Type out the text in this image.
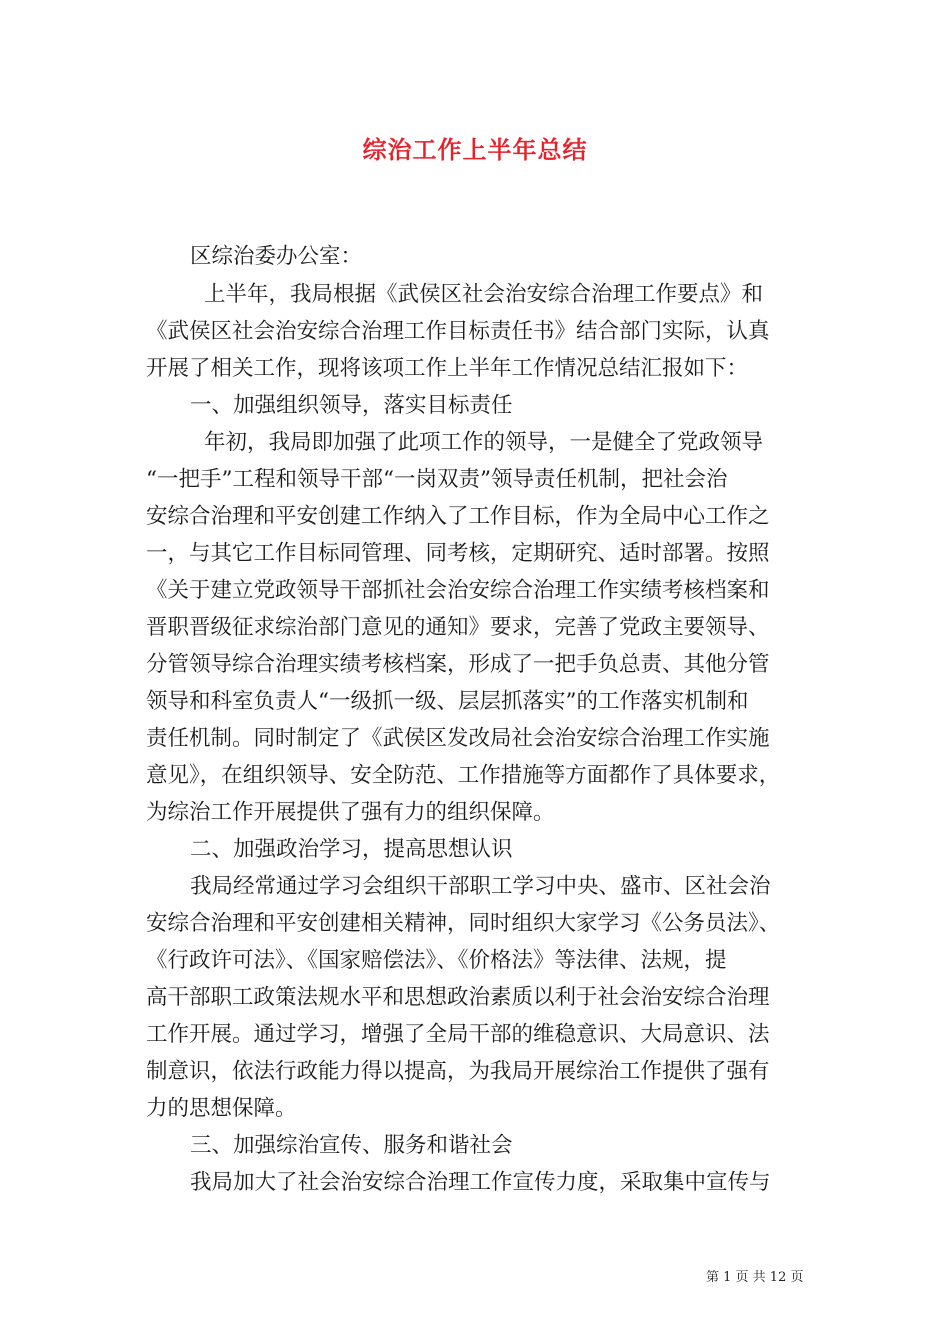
综治工作上半年总结

区综治委办公室：

上半年，我局根据《武侯区社会治安综合治理工作要点》和

《武侯区社会治安综合治理工作目标责任书》结合部门实际，认真

开展了相关工作，现将该项工作上半年工作情况总结汇报如下：

一、加强组织领导，落实目标责任

年初，我局即加强了此项工作的领导，一是健全了党政领导

“一把手”工程和领导干部“一岗双责”领导责任机制，把社会治

安综合治理和平安创建工作纳入了工作目标，作为全局中心工作之

一，与其它工作目标同管理、同考核，定期研究、适时部署。按照

《关于建立党政领导干部抓社会治安综合治理工作实绩考核档案和

晋职晋级征求综治部门意见的通知》要求，完善了党政主要领导、

分管领导综合治理实绩考核档案，形成了一把手负总责、其他分管

领导和科室负责人“一级抓一级、层层抓落实”的工作落实机制和

责任机制。同时制定了《武侯区发改局社会治安综合治理工作实施

意见》，在组织领导、安全防范、工作措施等方面都作了具体要求，

为综治工作开展提供了强有力的组织保障。

二、加强政治学习，提高思想认识

我局经常通过学习会组织干部职工学习中央、盛市、区社会治

安综合治理和平安创建相关精神，同时组织大家学习《公务员法》、

《行政许可法》、《国家赔偿法》、《价格法》等法律、法规，提

高干部职工政策法规水平和思想政治素质以利于社会治安综合治理

工作开展。通过学习，增强了全局干部的维稳意识、大局意识、法

制意识，依法行政能力得以提高，为我局开展综治工作提供了强有

力的思想保障。

三、加强综治宣传、服务和谐社会

我局加大了社会治安综合治理工作宣传力度，采取集中宣传与

第 1 页 共 12 页
